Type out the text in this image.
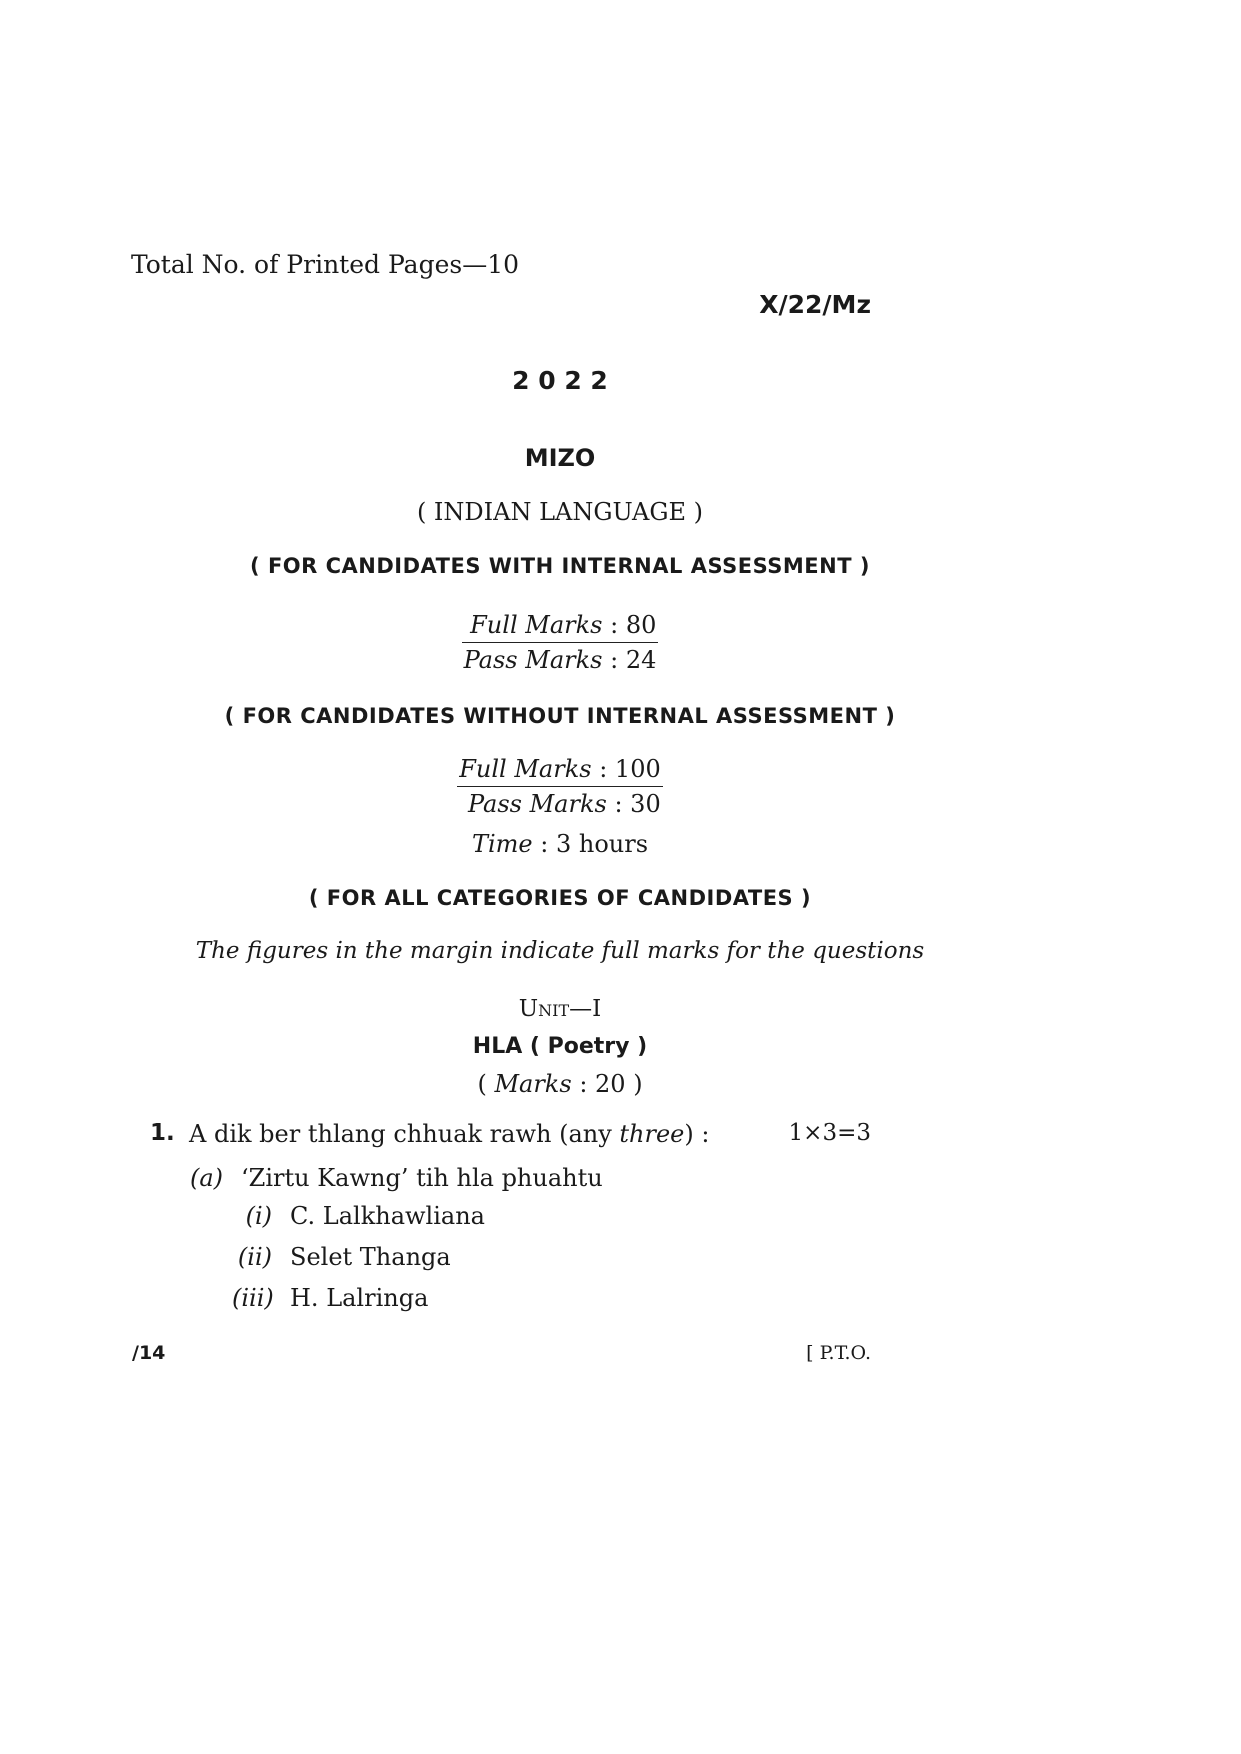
Total No. of Printed Pages—10
X/22/Mz
2 0 2 2
MIZO
( INDIAN LANGUAGE )
( FOR CANDIDATES WITH INTERNAL ASSESSMENT )
Full Marks : 80
Pass Marks : 24
( FOR CANDIDATES WITHOUT INTERNAL ASSESSMENT )
Full Marks : 100
Pass Marks : 30
Time : 3 hours
( FOR ALL CATEGORIES OF CANDIDATES )
The figures in the margin indicate full marks for the questions
Unit—I
HLA ( Poetry )
( Marks : 20 )
1. A dik ber thlang chhuak rawh (any three) :	1×3=3
(a) ‘Zirtu Kawng’ tih hla phuahtu
(i) C. Lalkhawliana
(ii) Selet Thanga
(iii) H. Lalringa
/14	[ P.T.O.
